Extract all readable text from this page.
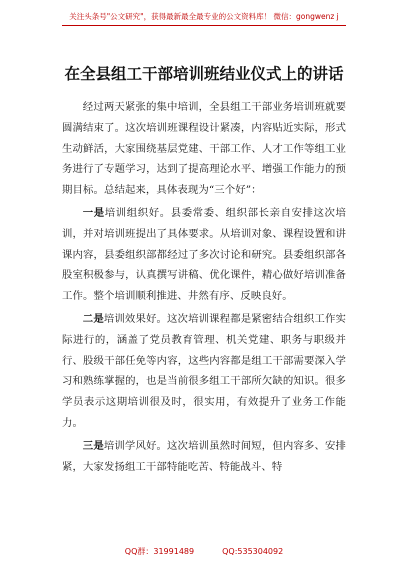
关注头条号"公文研究"，获得最新最全最专业的公文资料库！ 微信：gongwenz j
在全县组工干部培训班结业仪式上的讲话

经过两天紧张的集中培训，全县组工干部业务培训班就要圆满结束了。这次培训班课程设计紧凑，内容贴近实际，形式生动鲜活，大家围绕基层党建、干部工作、人才工作等组工业务进行了专题学习，达到了提高理论水平、增强工作能力的预期目标。总结起来，具体表现为“三个好”：

一是培训组织好。县委常委、组织部长亲自安排这次培训，并对培训班提出了具体要求。从培训对象、课程设置和讲课内容，县委组织部都经过了多次讨论和研究。县委组织部各股室积极参与，认真撰写讲稿、优化课件，精心做好培训准备工作。整个培训顺利推进、井然有序、反映良好。

二是培训效果好。这次培训课程都是紧密结合组织工作实际进行的，涵盖了党员教育管理、机关党建、职务与职级并行、股级干部任免等内容，这些内容都是组工干部需要深入学习和熟练掌握的，也是当前很多组工干部所欠缺的知识。很多学员表示这期培训很及时，很实用，有效提升了业务工作能力。

三是培训学风好。这次培训虽然时间短，但内容多、安排紧，大家发扬组工干部特能吃苦、特能战斗、特

QQ群：31991489	QQ:535304092
